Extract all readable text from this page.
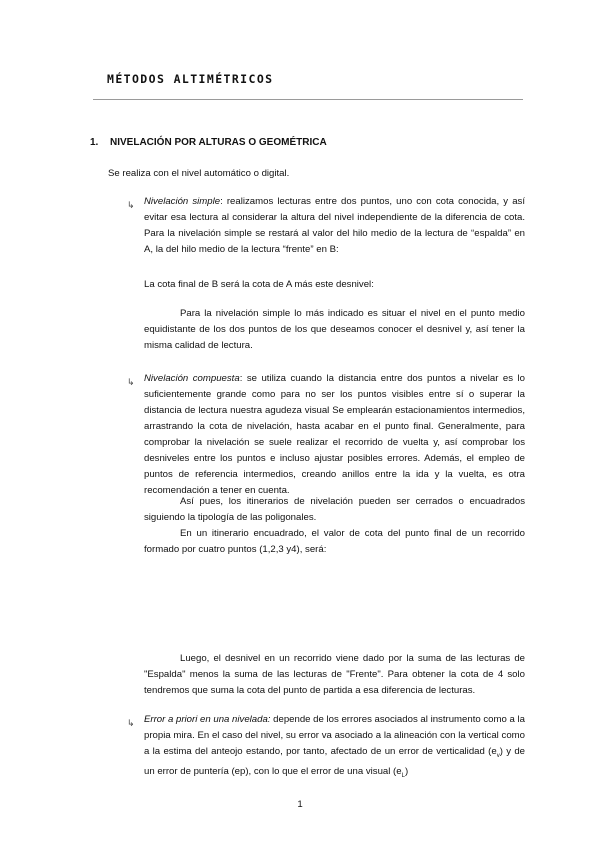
MÉTODOS ALTIMÉTRICOS
1. NIVELACIÓN POR ALTURAS O GEOMÉTRICA
Se realiza con el nivel automático o digital.
↳ Nivelación simple: realizamos lecturas entre dos puntos, uno con cota conocida, y así evitar esa lectura al considerar la altura del nivel independiente de la diferencia de cota. Para la nivelación simple se restará al valor del hilo medio de la lectura de “espalda” en A, la del hilo medio de la lectura “frente” en B:
La cota final de B será la cota de A más este desnivel:
Para la nivelación simple lo más indicado es situar el nivel en el punto medio equidistante de los dos puntos de los que deseamos conocer el desnivel y, así tener la misma calidad de lectura.
↳ Nivelación compuesta: se utiliza cuando la distancia entre dos puntos a nivelar es lo suficientemente grande como para no ser los puntos visibles entre sí o superar la distancia de lectura nuestra agudeza visual Se emplearán estacionamientos intermedios, arrastrando la cota de nivelación, hasta acabar en el punto final. Generalmente, para comprobar la nivelación se suele realizar el recorrido de vuelta y, así comprobar los desniveles entre los puntos e incluso ajustar posibles errores. Además, el empleo de puntos de referencia intermedios, creando anillos entre la ida y la vuelta, es otra recomendación a tener en cuenta.
Así pues, los itinerarios de nivelación pueden ser cerrados o encuadrados siguiendo la tipología de las poligonales.
En un itinerario encuadrado, el valor de cota del punto final de un recorrido formado por cuatro puntos (1,2,3 y4), será:
Luego, el desnivel en un recorrido viene dado por la suma de las lecturas de "Espalda" menos la suma de las lecturas de "Frente". Para obtener la cota de 4 solo tendremos que suma la cota del punto de partida a esa diferencia de lecturas.
↳ Error a priori en una nivelada: depende de los errores asociados al instrumento como a la propia mira. En el caso del nivel, su error va asociado a la alineación con la vertical como a la estima del anteojo estando, por tanto, afectado de un error de verticalidad $(e_v)$ y de un error de puntería (ep), con lo que el error de una visual $(e_L)$
1
